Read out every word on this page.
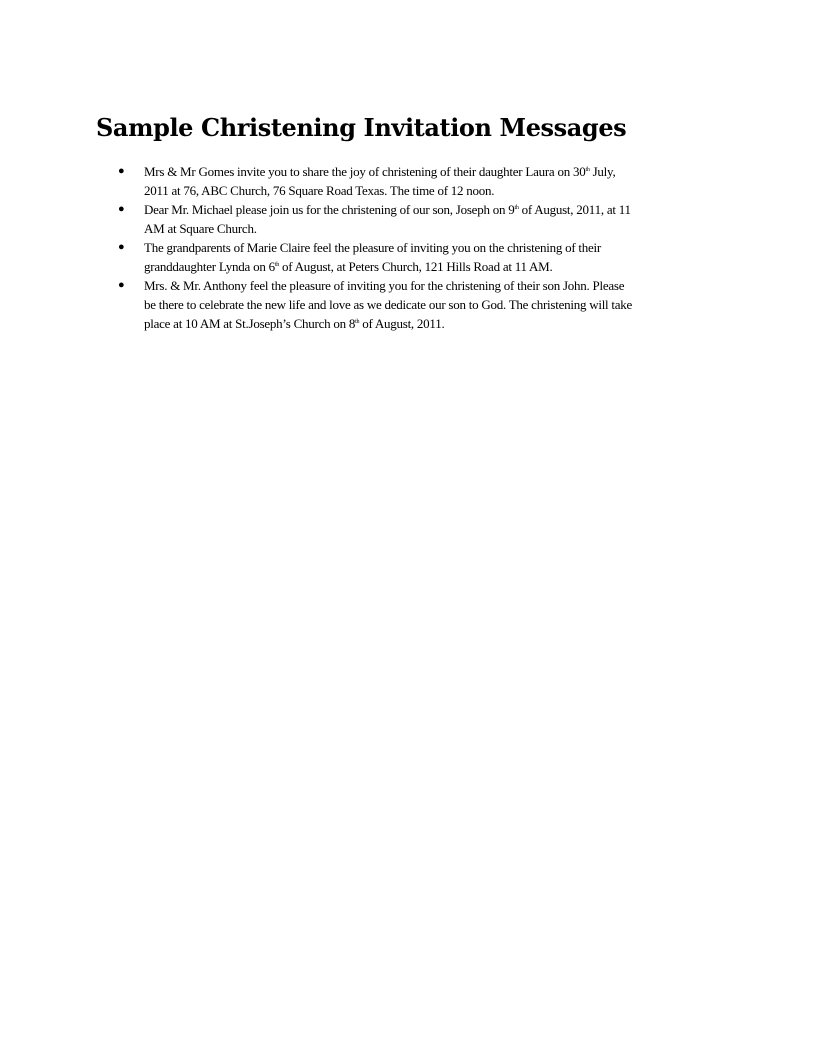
Sample Christening Invitation Messages
● Mrs & Mr Gomes invite you to share the joy of christening of their daughter Laura on 30th July,
2011 at 76, ABC Church, 76 Square Road Texas. The time of 12 noon.
● Dear Mr. Michael please join us for the christening of our son, Joseph on 9th of August, 2011, at 11
AM at Square Church.
● The grandparents of Marie Claire feel the pleasure of inviting you on the christening of their
granddaughter Lynda on 6th of August, at Peters Church, 121 Hills Road at 11 AM.
● Mrs. & Mr. Anthony feel the pleasure of inviting you for the christening of their son John. Please
be there to celebrate the new life and love as we dedicate our son to God. The christening will take
place at 10 AM at St.Joseph’s Church on 8th of August, 2011.
